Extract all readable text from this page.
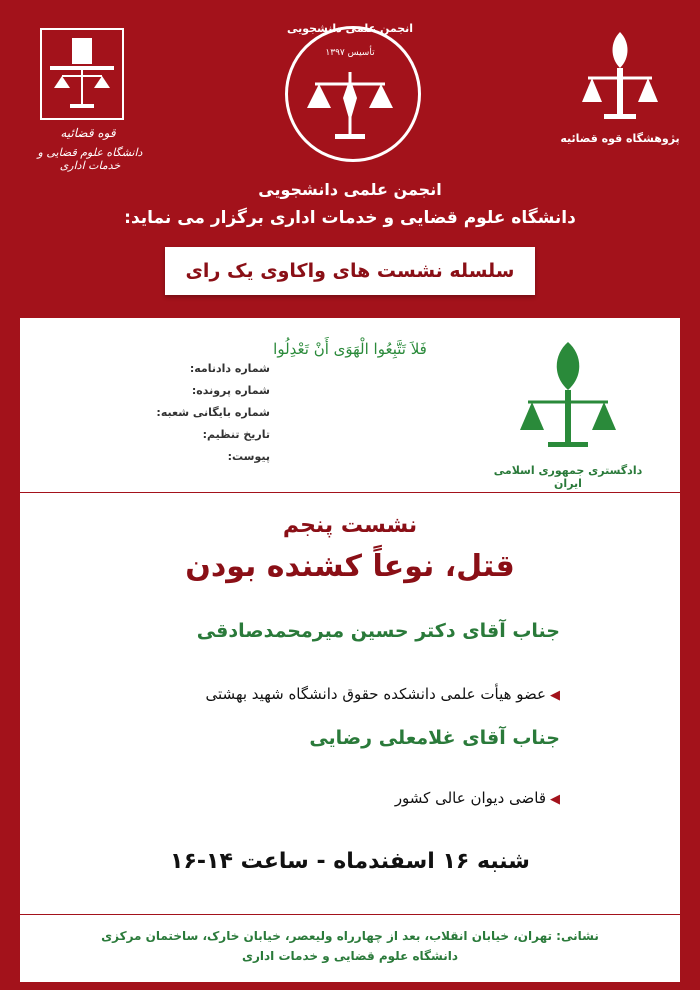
قوه قضائیه
دانشگاه علوم قضایی و خدمات اداری
انجمن علمی دانشجویی
تأسیس ۱۳۹۷
پژوهشگاه قوه قضائیه
انجمن علمی دانشجویی
دانشگاه علوم قضایی و خدمات اداری برگزار می نماید:
سلسله نشست های واکاوی یک رای
فَلاَ تَتَّبِعُوا الْهَوَى أَنْ تَعْدِلُوا
شماره دادنامه:
شماره پرونده:
شماره بایگانی شعبه:
تاریخ تنظیم:
پیوست:
دادگستری جمهوری اسلامی ایران
نشست پنجم
قتل، نوعاً کشنده بودن
جناب آقای دکتر حسین میرمحمدصادقی
◀عضو هیأت علمی دانشکده حقوق دانشگاه شهید بهشتی
جناب آقای غلامعلی رضایی
◀قاضی دیوان عالی کشور
شنبه ۱۶ اسفندماه - ساعت ۱۴-۱۶
نشانی: تهران، خیابان انقلاب، بعد از چهارراه ولیعصر، خیابان خارک، ساختمان مرکزی
دانشگاه علوم قضایی و خدمات اداری
